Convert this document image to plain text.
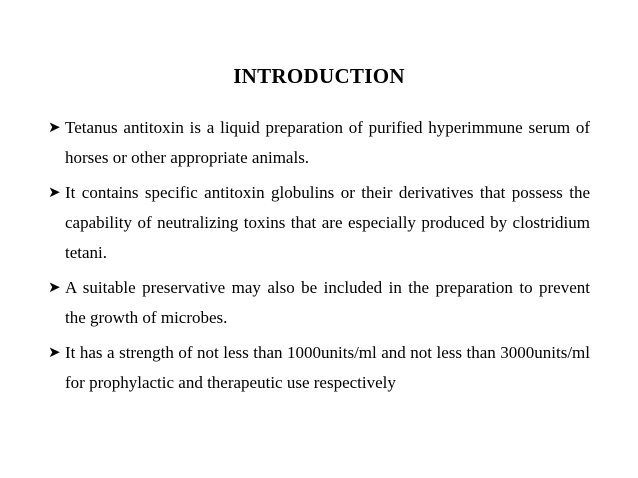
INTRODUCTION
➤ Tetanus antitoxin is a liquid preparation of purified hyperimmune serum of horses or other appropriate animals.
➤ It contains specific antitoxin globulins or their derivatives that possess the capability of neutralizing toxins that are especially produced by clostridium tetani.
➤ A suitable preservative may also be included in the preparation to prevent the growth of microbes.
➤ It has a strength of not less than 1000units/ml and not less than 3000units/ml for prophylactic and therapeutic use respectively
